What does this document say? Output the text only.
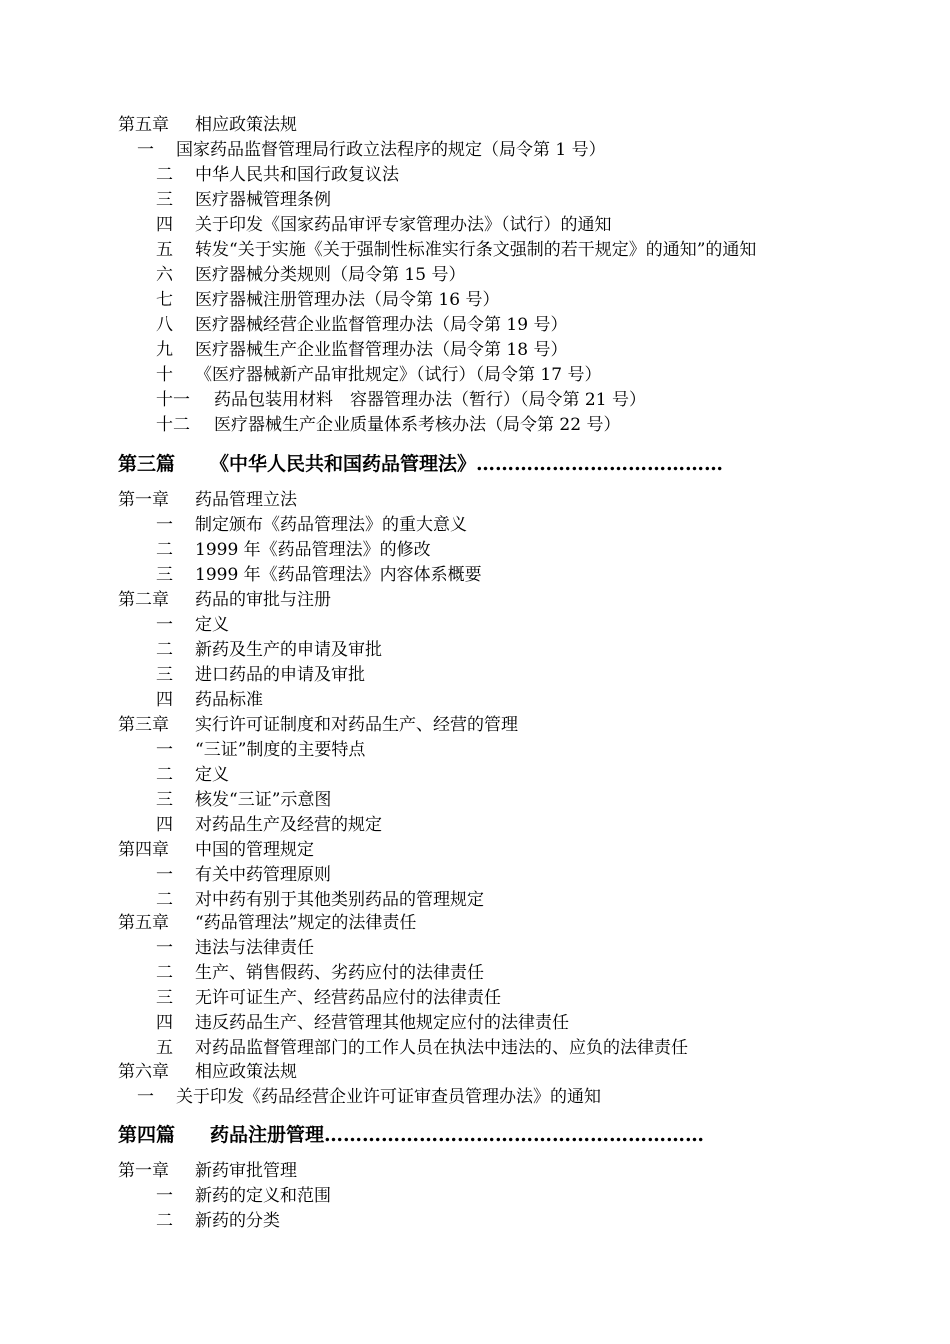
第五章 相应政策法规
一 国家药品监督管理局行政立法程序的规定（局令第 1 号）
二 中华人民共和国行政复议法
三 医疗器械管理条例
四 关于印发《国家药品审评专家管理办法》（试行）的通知
五 转发“关于实施《关于强制性标准实行条文强制的若干规定》的通知”的通知
六 医疗器械分类规则（局令第 15 号）
七 医疗器械注册管理办法（局令第 16 号）
八 医疗器械经营企业监督管理办法（局令第 19 号）
九 医疗器械生产企业监督管理办法（局令第 18 号）
十 《医疗器械新产品审批规定》（试行）（局令第 17 号）
十一 药品包装用材料　容器管理办法（暂行）（局令第 21 号）
十二 医疗器械生产企业质量体系考核办法（局令第 22 号）
第三篇 《中华人民共和国药品管理法》…………………………………
第一章 药品管理立法
一 制定颁布《药品管理法》的重大意义
二 1999 年《药品管理法》的修改
三 1999 年《药品管理法》内容体系概要
第二章 药品的审批与注册
一 定义
二 新药及生产的申请及审批
三 进口药品的申请及审批
四 药品标准
第三章 实行许可证制度和对药品生产、经营的管理
一 “三证”制度的主要特点
二 定义
三 核发“三证”示意图
四 对药品生产及经营的规定
第四章 中国的管理规定
一 有关中药管理原则
二 对中药有别于其他类别药品的管理规定
第五章 “药品管理法”规定的法律责任
一 违法与法律责任
二 生产、销售假药、劣药应付的法律责任
三 无许可证生产、经营药品应付的法律责任
四 违反药品生产、经营管理其他规定应付的法律责任
五 对药品监督管理部门的工作人员在执法中违法的、应负的法律责任
第六章 相应政策法规
一 关于印发《药品经营企业许可证审查员管理办法》的通知
第四篇 药品注册管理……………………………………………………
第一章 新药审批管理
一 新药的定义和范围
二 新药的分类
